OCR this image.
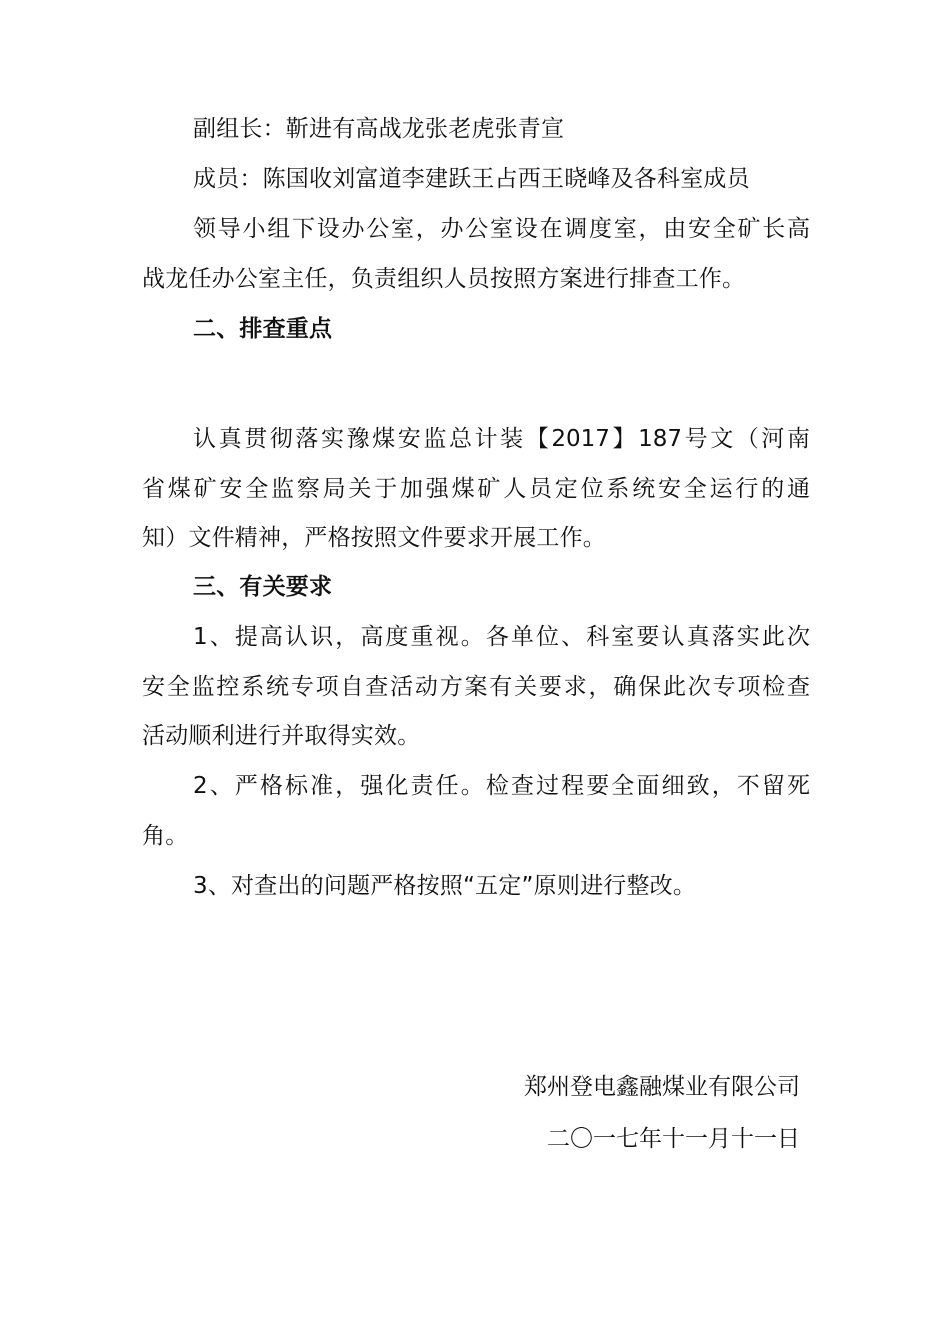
副组长：靳进有高战龙张老虎张青宣

成员：陈国收刘富道李建跃王占西王晓峰及各科室成员

领导小组下设办公室，办公室设在调度室，由安全矿长高

战龙任办公室主任，负责组织人员按照方案进行排查工作。

二、排查重点

认真贯彻落实豫煤安监总计装【2017】187号文（河南

省煤矿安全监察局关于加强煤矿人员定位系统安全运行的通

知）文件精神，严格按照文件要求开展工作。

三、有关要求

1、提高认识，高度重视。各单位、科室要认真落实此次

安全监控系统专项自查活动方案有关要求，确保此次专项检查

活动顺利进行并取得实效。

2、严格标准，强化责任。检查过程要全面细致，不留死

角。

3、对查出的问题严格按照“五定”原则进行整改。

郑州登电鑫融煤业有限公司

二〇一七年十一月十一日
